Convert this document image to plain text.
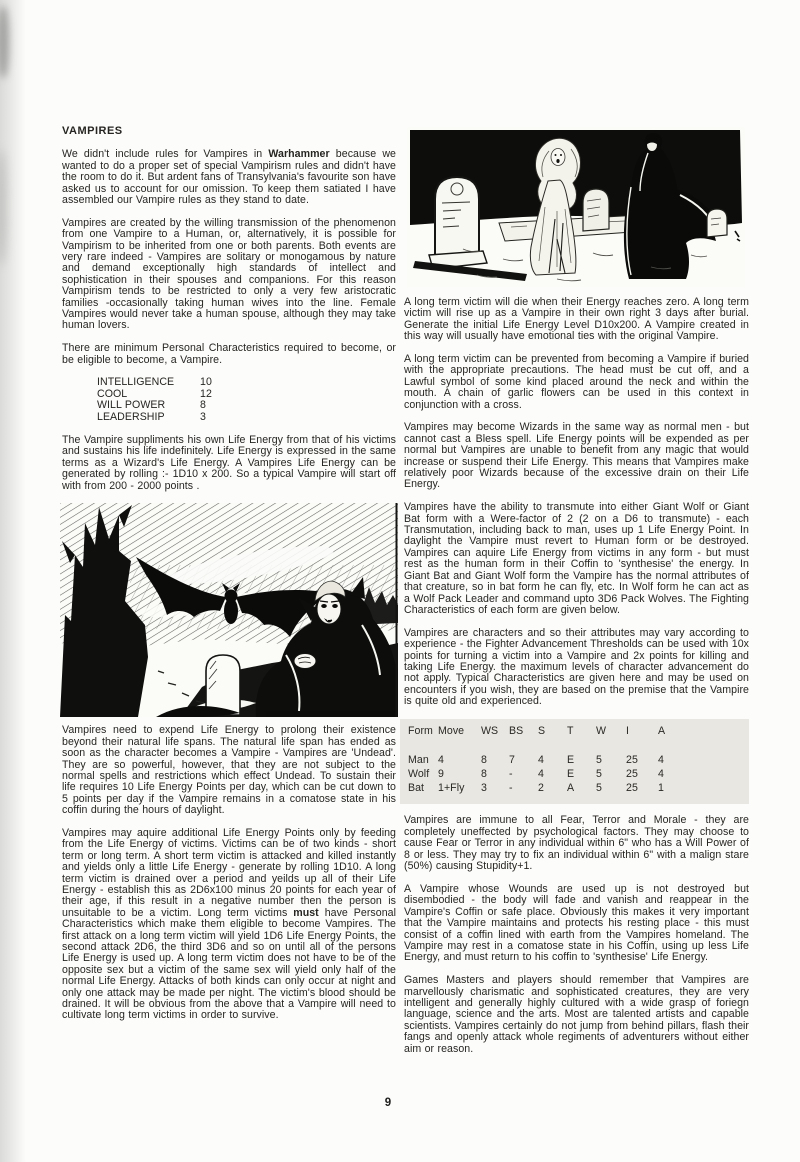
VAMPIRES

We didn't include rules for Vampires in Warhammer because we wanted to do a proper set of special Vampirism rules and didn't have the room to do it. But ardent fans of Transylvania's favourite son have asked us to account for our omission. To keep them satiated I have assembled our Vampire rules as they stand to date.

Vampires are created by the willing transmission of the phenomenon from one Vampire to a Human, or, alternatively, it is possible for Vampirism to be inherited from one or both parents. Both events are very rare indeed - Vampires are solitary or monogamous by nature and demand exceptionally high standards of intellect and sophistication in their spouses and companions. For this reason Vampirism tends to be restricted to only a very few aristocratic families -occasionally taking human wives into the line. Female Vampires would never take a human spouse, although they may take human lovers.

There are minimum Personal Characteristics required to become, or be eligible to become, a Vampire.

INTELLIGENCE	10
COOL	12
WILL POWER	8
LEADERSHIP	3

The Vampire suppliments his own Life Energy from that of his victims and sustains his life indefinitely. Life Energy is expressed in the same terms as a Wizard's Life Energy. A Vampires Life Energy can be generated by rolling :- 1D10 x 200. So a typical Vampire will start off with from 200 - 2000 points .

Vampires need to expend Life Energy to prolong their existence beyond their natural life spans. The natural life span has ended as soon as the character becomes a Vampire - Vampires are 'Undead'. They are so powerful, however, that they are not subject to the normal spells and restrictions which effect Undead. To sustain their life requires 10 Life Energy Points per day, which can be cut down to 5 points per day if the Vampire remains in a comatose state in his coffin during the hours of daylight.

Vampires may aquire additional Life Energy Points only by feeding from the Life Energy of victims. Victims can be of two kinds - short term or long term. A short term victim is attacked and killed instantly and yields only a little Life Energy - generate by rolling 1D10. A long term victim is drained over a period and yeilds up all of their Life Energy - establish this as 2D6x100 minus 20 points for each year of their age, if this result in a negative number then the person is unsuitable to be a victim. Long term victims must have Personal Characteristics which make them eligible to become Vampires. The first attack on a long term victim will yield 1D6 Life Energy Points, the second attack 2D6, the third 3D6 and so on until all of the persons Life Energy is used up. A long term victim does not have to be of the opposite sex but a victim of the same sex will yield only half of the normal Life Energy. Attacks of both kinds can only occur at night and only one attack may be made per night. The victim's blood should be drained. It will be obvious from the above that a Vampire will need to cultivate long term victims in order to survive.

A long term victim will die when their Energy reaches zero. A long term victim will rise up as a Vampire in their own right 3 days after burial. Generate the initial Life Energy Level D10x200. A Vampire created in this way will usually have emotional ties with the original Vampire.

A long term victim can be prevented from becoming a Vampire if buried with the appropriate precautions. The head must be cut off, and a Lawful symbol of some kind placed around the neck and within the mouth. A chain of garlic flowers can be used in this context in conjunction with a cross.

Vampires may become Wizards in the same way as normal men - but cannot cast a Bless spell. Life Energy points will be expended as per normal but Vampires are unable to benefit from any magic that would increase or suspend their Life Energy. This means that Vampires make relatively poor Wizards because of the excessive drain on their Life Energy.

Vampires have the ability to transmute into either Giant Wolf or Giant Bat form with a Were-factor of 2 (2 on a D6 to transmute) - each Transmutation, including back to man, uses up 1 Life Energy Point. In daylight the Vampire must revert to Human form or be destroyed. Vampires can aquire Life Energy from victims in any form - but must rest as the human form in their Coffin to 'synthesise' the energy. In Giant Bat and Giant Wolf form the Vampire has the normal attributes of that creature, so in bat form he can fly, etc. In Wolf form he can act as a Wolf Pack Leader and command upto 3D6 Pack Wolves. The Fighting Characteristics of each form are given below.

Vampires are characters and so their attributes may vary according to experience - the Fighter Advancement Thresholds can be used with 10x points for turning a victim into a Vampire and 2x points for killing and taking Life Energy. the maximum levels of character advancement do not apply. Typical Characteristics are given here and may be used on encounters if you wish, they are based on the premise that the Vampire is quite old and experienced.

Form	Move	WS	BS	S	T	W	I	A
Man	4	8	7	4	E	5	25	4
Wolf	9	8	-	4	E	5	25	4
Bat	1+Fly	3	-	2	A	5	25	1

Vampires are immune to all Fear, Terror and Morale - they are completely uneffected by psychological factors. They may choose to cause Fear or Terror in any individual within 6" who has a Will Power of 8 or less. They may try to fix an individual within 6" with a malign stare (50%) causing Stupidity+1.

A Vampire whose Wounds are used up is not destroyed but disembodied - the body will fade and vanish and reappear in the Vampire's Coffin or safe place. Obviously this makes it very important that the Vampire maintains and protects his resting place - this must consist of a coffin lined with earth from the Vampires homeland. The Vampire may rest in a comatose state in his Coffin, using up less Life Energy, and must return to his coffin to 'synthesise' Life Energy.

Games Masters and players should remember that Vampires are marvellously charismatic and sophisticated creatures, they are very intelligent and generally highly cultured with a wide grasp of foriegn language, science and the arts. Most are talented artists and capable scientists. Vampires certainly do not jump from behind pillars, flash their fangs and openly attack whole regiments of adventurers without either aim or reason.

9
